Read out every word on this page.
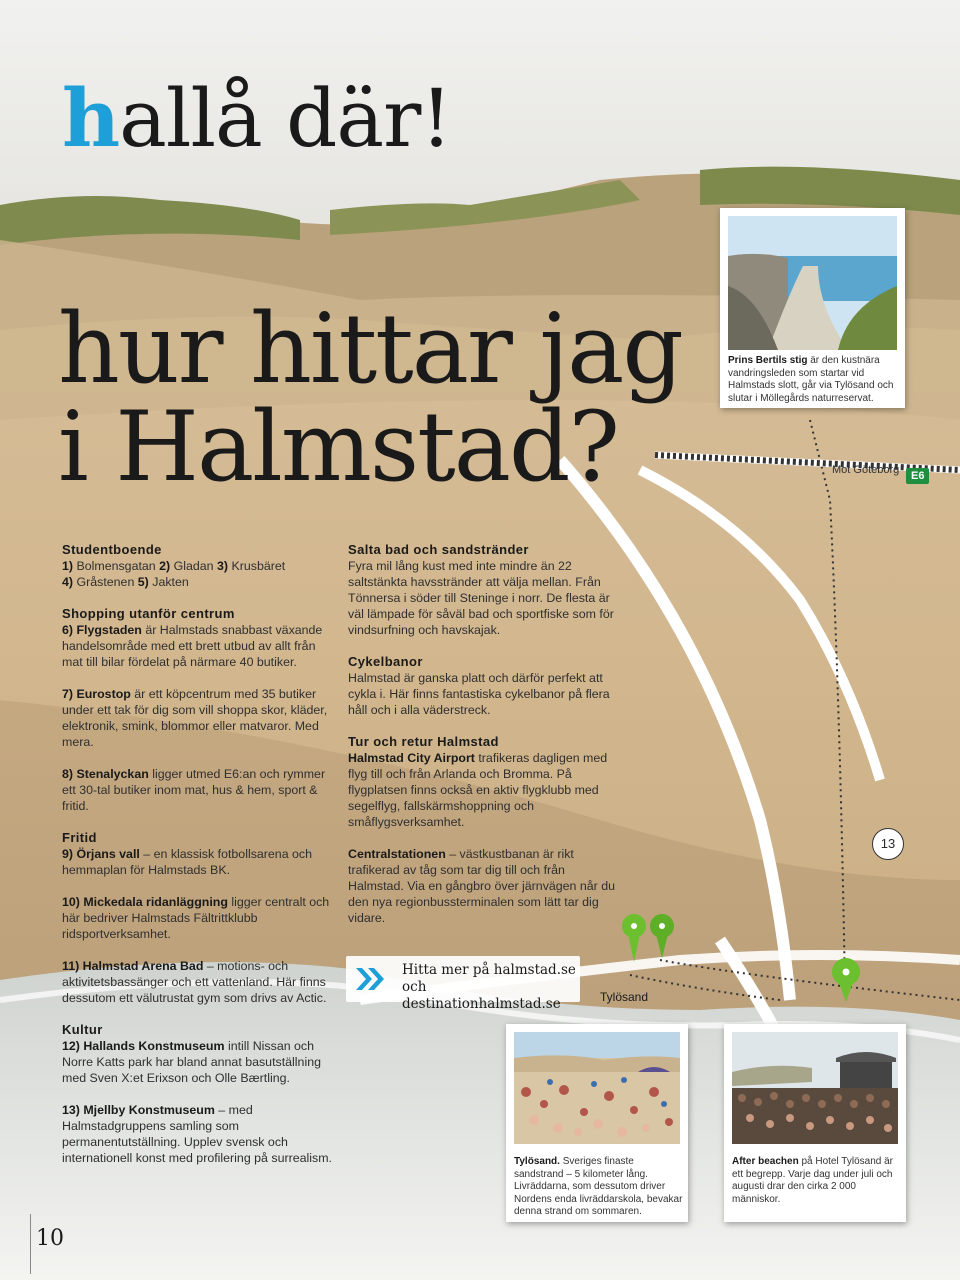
hallå där!
hur hittar jag
i Halmstad?
Prins Bertils stig är den kustnära vandringsleden som startar vid Halmstads slott, går via Tylösand och slutar i Möllegårds naturreservat.
Mot Göteborg	E6
Studentboende

1) Bolmensgatan 2) Gladan 3) Krusbäret
4) Gråstenen 5) Jakten

Shopping utanför centrum

6) Flygstaden är Halmstads snabbast växande handelsområde med ett brett utbud av allt från mat till bilar fördelat på närmare 40 butiker.

7) Eurostop är ett köpcentrum med 35 butiker under ett tak för dig som vill shoppa skor, kläder, elektronik, smink, blommor eller matvaror. Med mera.

8) Stenalyckan ligger utmed E6:an och rymmer ett 30-tal butiker inom mat, hus & hem, sport & fritid.

Fritid

9) Örjans vall – en klassisk fotbollsarena och hemmaplan för Halmstads BK.

10) Mickedala ridanläggning ligger centralt och här bedriver Halmstads Fältrittklubb ridsportverksamhet.

11) Halmstad Arena Bad – motions- och aktivitetsbassänger och ett vattenland. Här finns dessutom ett välutrustat gym som drivs av Actic.

Kultur

12) Hallands Konstmuseum intill Nissan och Norre Katts park har bland annat basutställning med Sven X:et Erixson och Olle Bærtling.

13) Mjellby Konstmuseum – med Halmstadgruppens samling som permanentutställning. Upplev svensk och internationell konst med profilering på surrealism.

Salta bad och sandstränder

Fyra mil lång kust med inte mindre än 22 saltstänkta havsstränder att välja mellan. Från Tönnersa i söder till Steninge i norr. De flesta är väl lämpade för såväl bad och sportfiske som för vindsurfning och havskajak.

Cykelbanor

Halmstad är ganska platt och därför perfekt att cykla i. Här finns fantastiska cykelbanor på flera håll och i alla väderstreck.

Tur och retur Halmstad

Halmstad City Airport trafikeras dagligen med flyg till och från Arlanda och Bromma. På flygplatsen finns också en aktiv flygklubb med segelflyg, fallskärmshoppning och småflygsverksamhet.

Centralstationen – västkustbanan är rikt trafikerad av tåg som tar dig till och från Halmstad. Via en gångbro över järnvägen når du den nya regionbussterminalen som lätt tar dig vidare.

Hitta mer på halmstad.se
och destinationhalmstad.se	Tylösand
13
Tylösand. Sveriges finaste sandstrand – 5 kilometer lång. Livräddarna, som dessutom driver Nordens enda livräddarskola, bevakar denna strand om sommaren.
After beachen på Hotel Tylösand är ett begrepp. Varje dag under juli och augusti drar den cirka 2 000 människor.
10
